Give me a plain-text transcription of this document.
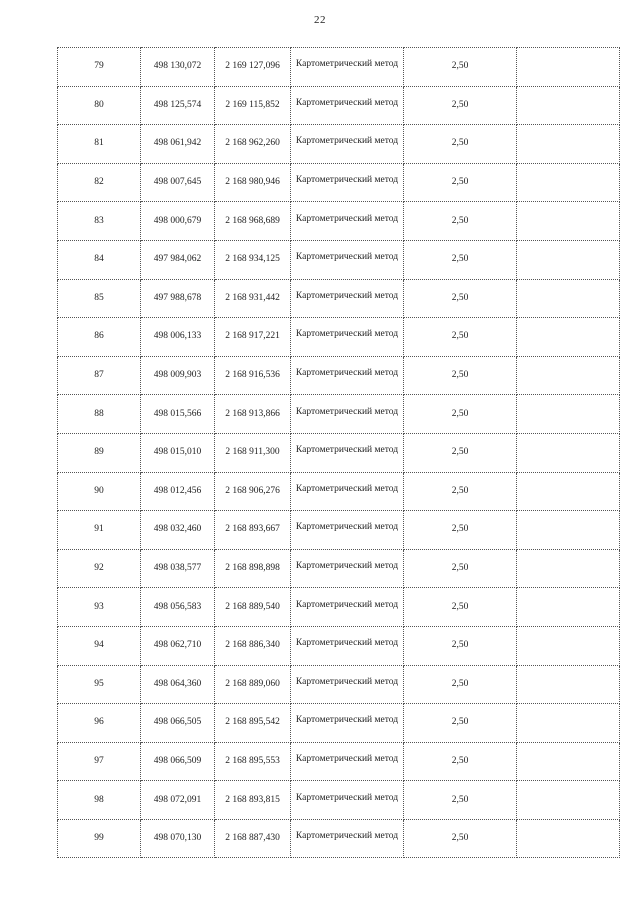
22
79	498 130,072	2 169 127,096	Картометрический метод	2,50	
80	498 125,574	2 169 115,852	Картометрический метод	2,50	
81	498 061,942	2 168 962,260	Картометрический метод	2,50	
82	498 007,645	2 168 980,946	Картометрический метод	2,50	
83	498 000,679	2 168 968,689	Картометрический метод	2,50	
84	497 984,062	2 168 934,125	Картометрический метод	2,50	
85	497 988,678	2 168 931,442	Картометрический метод	2,50	
86	498 006,133	2 168 917,221	Картометрический метод	2,50	
87	498 009,903	2 168 916,536	Картометрический метод	2,50	
88	498 015,566	2 168 913,866	Картометрический метод	2,50	
89	498 015,010	2 168 911,300	Картометрический метод	2,50	
90	498 012,456	2 168 906,276	Картометрический метод	2,50	
91	498 032,460	2 168 893,667	Картометрический метод	2,50	
92	498 038,577	2 168 898,898	Картометрический метод	2,50	
93	498 056,583	2 168 889,540	Картометрический метод	2,50	
94	498 062,710	2 168 886,340	Картометрический метод	2,50	
95	498 064,360	2 168 889,060	Картометрический метод	2,50	
96	498 066,505	2 168 895,542	Картометрический метод	2,50	
97	498 066,509	2 168 895,553	Картометрический метод	2,50	
98	498 072,091	2 168 893,815	Картометрический метод	2,50	
99	498 070,130	2 168 887,430	Картометрический метод	2,50	
